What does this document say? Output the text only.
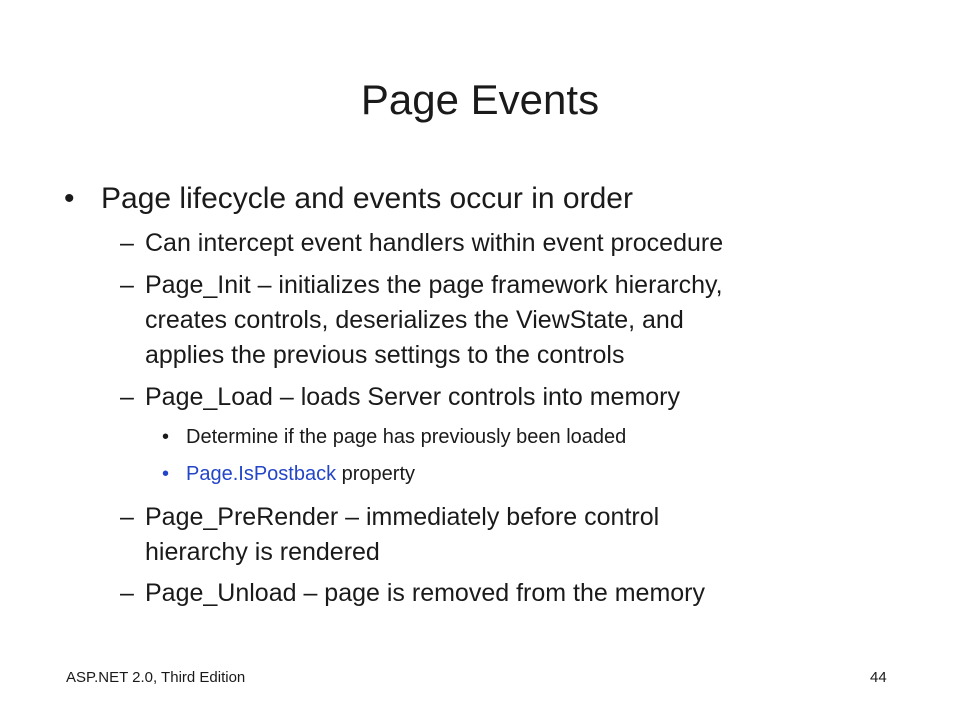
Page Events
• Page lifecycle and events occur in order
– Can intercept event handlers within event procedure
– Page_Init – initializes the page framework hierarchy,
creates controls, deserializes the ViewState, and
applies the previous settings to the controls
– Page_Load – loads Server controls into memory
• Determine if the page has previously been loaded
• Page.IsPostback property
– Page_PreRender – immediately before control
hierarchy is rendered
– Page_Unload – page is removed from the memory
ASP.NET 2.0, Third Edition	44
